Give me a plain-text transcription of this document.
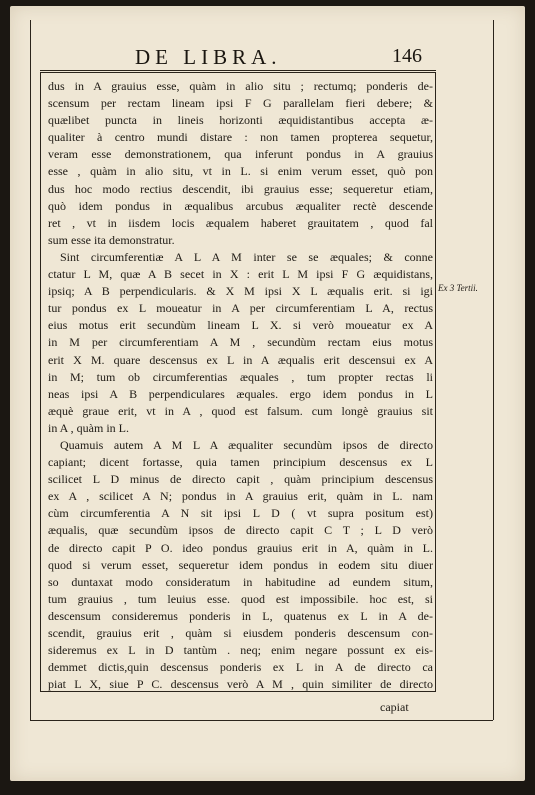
DE LIBRA.	146
dus in A grauius esse, quàm in alio situ ; rectumq; ponderis de-
scensum per rectam lineam ipsi F G parallelam fieri debere; &
quælibet puncta in lineis horizonti æquidistantibus accepta æ-
qualiter à centro mundi distare : non tamen propterea sequetur,
veram esse demonstrationem, qua inferunt pondus in A grauius
esse , quàm in alio situ, vt in L. si enim verum esset, quò pon
dus hoc modo rectius descendit, ibi grauius esse; sequeretur etiam,
quò idem pondus in æqualibus arcubus æqualiter rectè descende
ret , vt in iisdem locis æqualem haberet grauitatem , quod fal
sum esse ita demonstratur.
Sint circumferentiæ A L A M inter se se æquales; & conne
ctatur L M, quæ A B secet in X : erit L M ipsi F G æquidistans,
ipsiq; A B perpendicularis. & X M ipsi X L æqualis erit. si igi
tur pondus ex L moueatur in A per circumferentiam L A, rectus
eius motus erit secundùm lineam L X. si verò moueatur ex A
in M per circumferentiam A M , secundùm rectam eius motus
erit X M. quare descensus ex L in A æqualis erit descensui ex A
in M; tum ob circumferentias æquales , tum propter rectas li
neas ipsi A B perpendiculares æquales. ergo idem pondus in L
æquè graue erit, vt in A , quod est falsum. cum longè grauius sit
in A , quàm in L.
Quamuis autem A M L A æqualiter secundùm ipsos de directo
capiant; dicent fortasse, quia tamen principium descensus ex L
scilicet L D minus de directo capit , quàm principium descensus
ex A , scilicet A N; pondus in A grauius erit, quàm in L. nam
cùm circumferentia A N sit ipsi L D ( vt supra positum est)
æqualis, quæ secundùm ipsos de directo capit C T ; L D verò
de directo capit P O. ideo pondus grauius erit in A, quàm in L.
quod si verum esset, sequeretur idem pondus in eodem situ diuer
so duntaxat modo consideratum in habitudine ad eundem situm,
tum grauius , tum leuius esse. quod est impossibile. hoc est, si
descensum consideremus ponderis in L, quatenus ex L in A de-
scendit, grauius erit , quàm si eiusdem ponderis descensum con-
sideremus ex L in D tantùm . neq; enim negare possunt ex eis-
demmet dictis,quin descensus ponderis ex L in A de directo ca
piat L X, siue P C. descensus verò A M , quin similiter de directo
Ex 3 Tertii.
capiat
